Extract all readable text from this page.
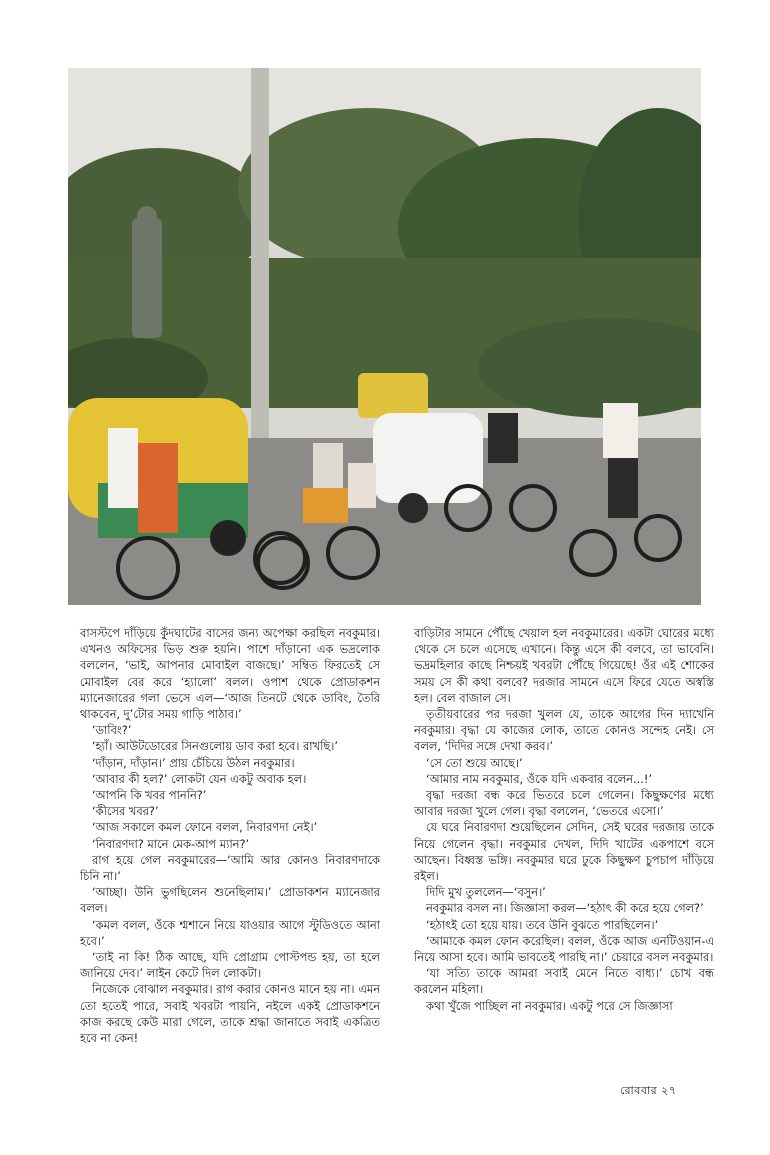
বাসস্টপে দাঁড়িয়ে কুঁদঘাটের বাসের জন্য অপেক্ষা করছিল নবকুমার। এখনও অফিসের ভিড় শুরু হয়নি। পাশে দাঁড়ানো এক ভদ্রলোক বললেন, ‘ভাই, আপনার মোবাইল বাজছে।’ সম্বিত ফিরতেই সে মোবাইল বের করে ‘হ্যালো’ বলল। ওপাশ থেকে প্রোডাকশন ম্যানেজারের গলা ভেসে এল—‘আজ তিনটে থেকে ডাবিং, তৈরি থাকবেন, দু’টোর সময় গাড়ি পাঠাব।’

‘ডাবিং?’

‘হ্যাঁ। আউটডোরের সিনগুলোয় ডাব করা হবে। রাখছি।’

‘দাঁড়ান, দাঁড়ান।’ প্রায় চেঁচিয়ে উঠল নবকুমার।

‘আবার কী হল?’ লোকটা যেন একটু অবাক হল।

‘আপনি কি খবর পাননি?’

‘কীসের খবর?’

‘আজ সকালে কমল ফোনে বলল, নিবারণদা নেই।’

‘নিবারণদা? মানে মেক-আপ ম্যান?’

রাগ হয়ে গেল নবকুমারের—‘আমি আর কোনও নিবারণদাকে চিনি না।’

‘আচ্ছা। উনি ভুগছিলেন শুনেছিলাম।’ প্রোডাকশন ম্যানেজার বলল।

‘কমল বলল, ওঁকে শ্মশানে নিয়ে যাওয়ার আগে স্টুডিওতে আনা হবে।’

‘তাই না কি! ঠিক আছে, যদি প্রোগ্রাম পোস্টপন্ড হয়, তা হলে জানিয়ে দেব।’ লাইন কেটে দিল লোকটা।

নিজেকে বোঝাল নবকুমার। রাগ করার কোনও মানে হয় না। এমন তো হতেই পারে, সবাই খবরটা পায়নি, নইলে একই প্রোডাকশনে কাজ করছে কেউ মারা গেলে, তাকে শ্রদ্ধা জানাতে সবাই একত্রিত হবে না কেন!

বাড়িটার সামনে পৌঁছে খেয়াল হল নবকুমারের। একটা ঘোরের মধ্যে থেকে সে চলে এসেছে এখানে। কিন্তু এসে কী বলবে, তা ভাবেনি। ভদ্রমহিলার কাছে নিশ্চয়ই খবরটা পৌঁছে গিয়েছে! ওঁর এই শোকের সময় সে কী কথা বলবে? দরজার সামনে এসে ফিরে যেতে অস্বস্তি হল। বেল বাজাল সে।

তৃতীয়বারের পর দরজা খুলল যে, তাকে আগের দিন দ্যাখেনি নবকুমার। বৃদ্ধা যে কাজের লোক, তাতে কোনও সন্দেহ নেই। সে বলল, ‘দিদির সঙ্গে দেখা করব।’

‘সে তো শুয়ে আছে।’

‘আমার নাম নবকুমার, ওঁকে যদি একবার বলেন...!’

বৃদ্ধা দরজা বন্ধ করে ভিতরে চলে গেলেন। কিছুক্ষণের মধ্যে আবার দরজা খুলে গেল। বৃদ্ধা বললেন, ‘ভেতরে এসো।’

যে ঘরে নিবারণদা শুয়েছিলেন সেদিন, সেই ঘরের দরজায় তাকে নিয়ে গেলেন বৃদ্ধা। নবকুমার দেখল, দিদি খাটের একপাশে বসে আছেন। বিধ্বস্ত ভঙ্গি। নবকুমার ঘরে ঢুকে কিছুক্ষণ চুপচাপ দাঁড়িয়ে রইল।

দিদি মুখ তুললেন—‘বসুন।’

নবকুমার বসল না। জিজ্ঞাসা করল—‘হঠাৎ কী করে হয়ে গেল?’

‘হঠাৎই তো হয়ে যায়। তবে উনি বুঝতে পারছিলেন।’

‘আমাকে কমল ফোন করেছিল। বলল, ওঁকে আজ এনটিওয়ান-এ নিয়ে আসা হবে। আমি ভাবতেই পারছি না।’ চেয়ারে বসল নবকুমার।

‘যা সত্যি তাকে আমরা সবাই মেনে নিতে বাধ্য।’ চোখ বন্ধ করলেন মহিলা।

কথা খুঁজে পাচ্ছিল না নবকুমার। একটু পরে সে জিজ্ঞাসা

রোববার ২৭
